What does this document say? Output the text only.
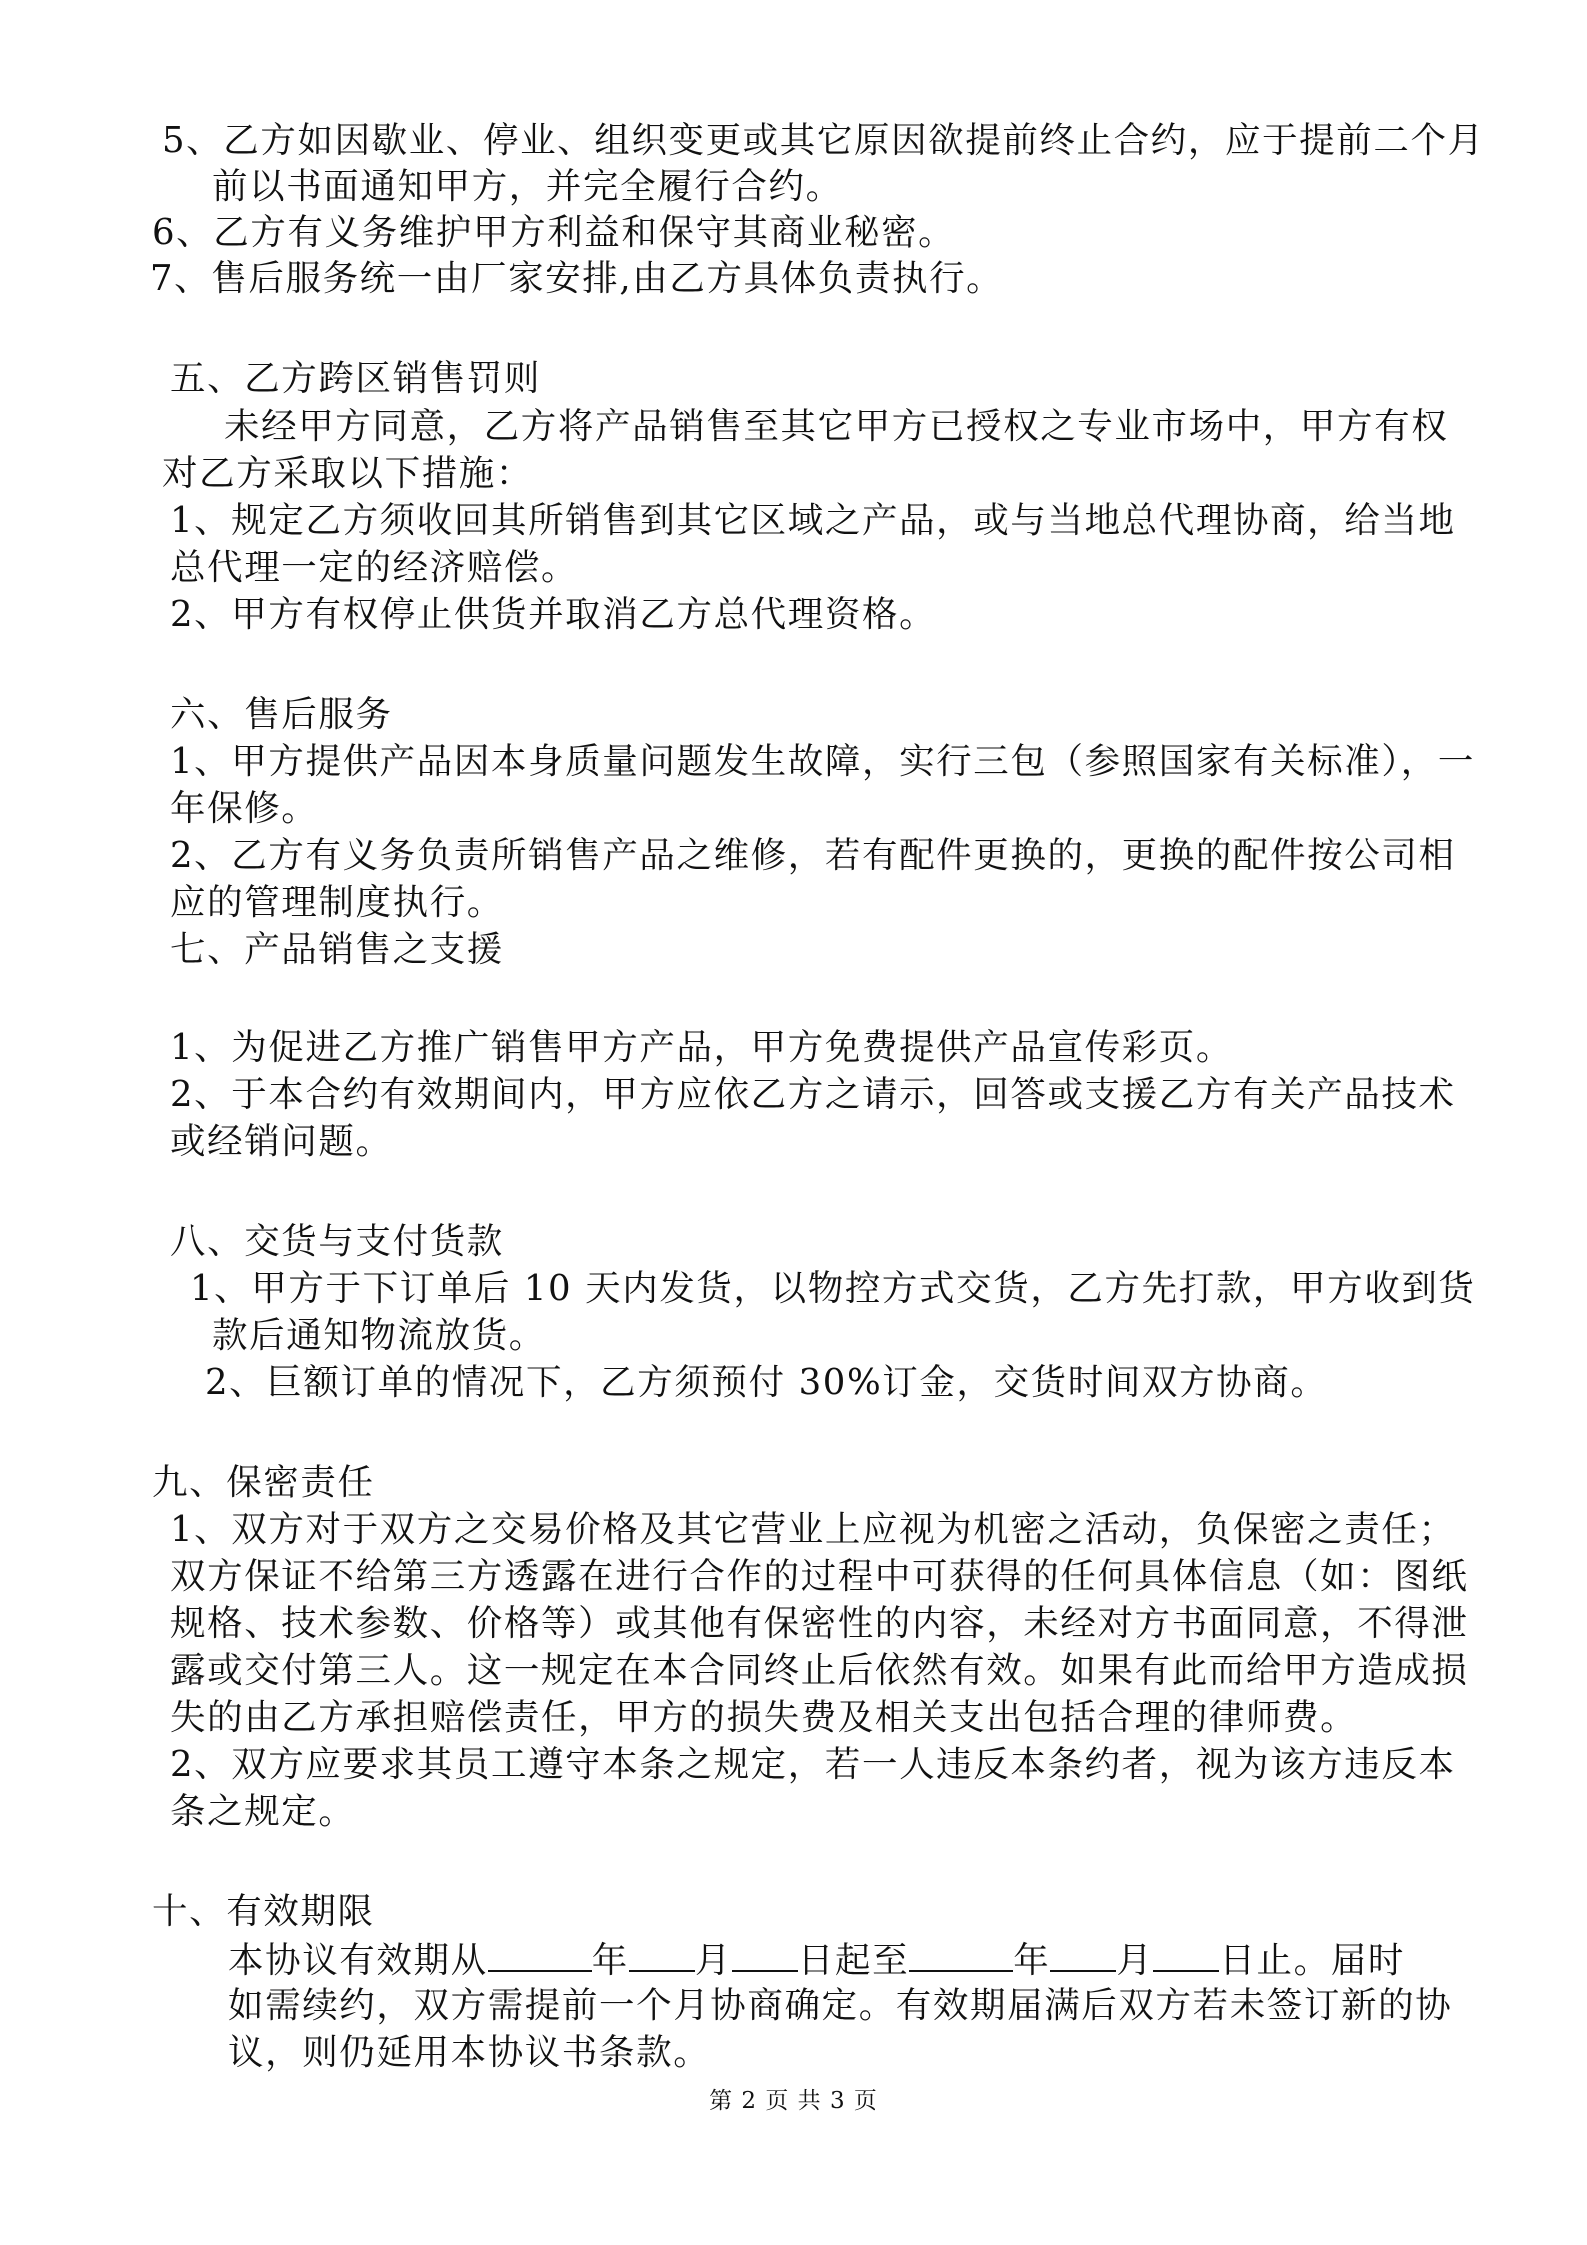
5、乙方如因歇业、停业、组织变更或其它原因欲提前终止合约，应于提前二个月
前以书面通知甲方，并完全履行合约。
6、乙方有义务维护甲方利益和保守其商业秘密。
7、售后服务统一由厂家安排,由乙方具体负责执行。
五、乙方跨区销售罚则
未经甲方同意，乙方将产品销售至其它甲方已授权之专业市场中，甲方有权
对乙方采取以下措施：
1、规定乙方须收回其所销售到其它区域之产品，或与当地总代理协商，给当地
总代理一定的经济赔偿。
2、甲方有权停止供货并取消乙方总代理资格。
六、售后服务
1、甲方提供产品因本身质量问题发生故障，实行三包（参照国家有关标准），一
年保修。
2、乙方有义务负责所销售产品之维修，若有配件更换的，更换的配件按公司相
应的管理制度执行。
七、产品销售之支援
1、为促进乙方推广销售甲方产品，甲方免费提供产品宣传彩页。
2、于本合约有效期间内，甲方应依乙方之请示，回答或支援乙方有关产品技术
或经销问题。
八、交货与支付货款
1、甲方于下订单后 10 天内发货，以物控方式交货，乙方先打款，甲方收到货
款后通知物流放货。
2、巨额订单的情况下，乙方须预付 30%订金，交货时间双方协商。
九、保密责任
1、双方对于双方之交易价格及其它营业上应视为机密之活动，负保密之责任；
双方保证不给第三方透露在进行合作的过程中可获得的任何具体信息（如：图纸
规格、技术参数、价格等）或其他有保密性的内容，未经对方书面同意，不得泄
露或交付第三人。这一规定在本合同终止后依然有效。如果有此而给甲方造成损
失的由乙方承担赔偿责任，甲方的损失费及相关支出包括合理的律师费。
2、双方应要求其员工遵守本条之规定，若一人违反本条约者，视为该方违反本
条之规定。
十、有效期限
本协议有效期从	年 月 日起至	年 月 日止。届时
如需续约，双方需提前一个月协商确定。有效期届满后双方若未签订新的协
议，则仍延用本协议书条款。
第 2 页 共 3 页
